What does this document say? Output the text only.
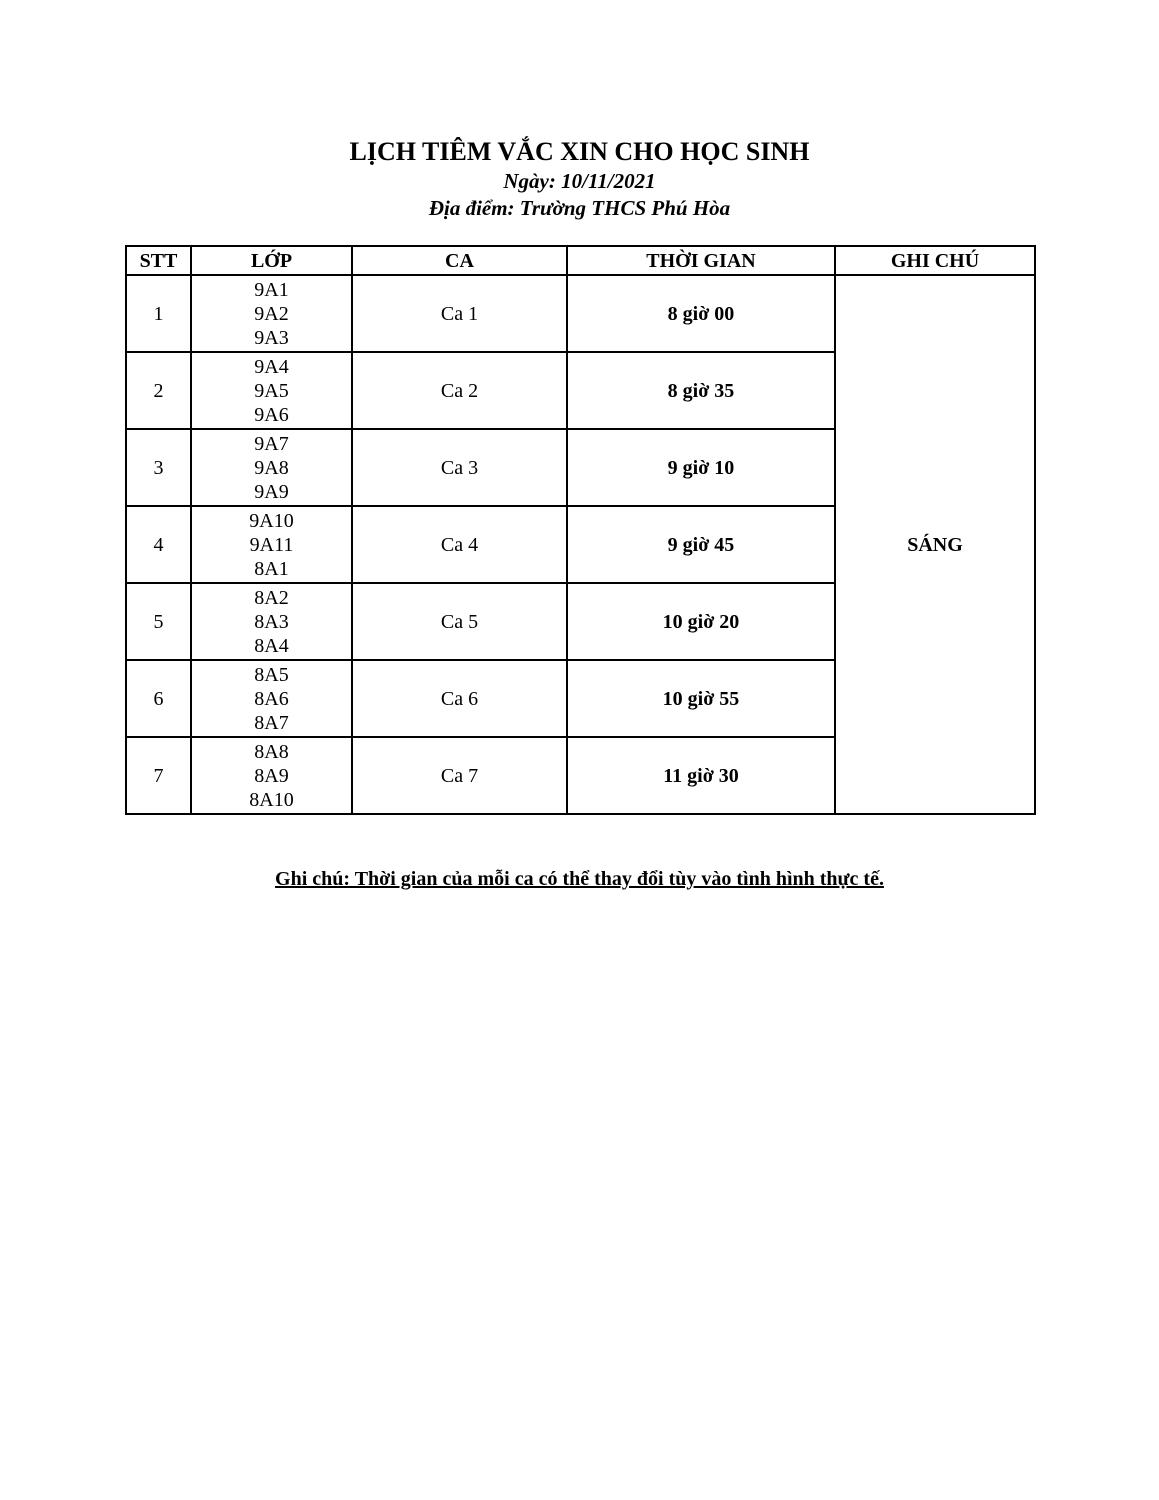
LỊCH TIÊM VẮC XIN CHO HỌC SINH
Ngày: 10/11/2021
Địa điểm: Trường THCS Phú Hòa
STT	LỚP	CA	THỜI GIAN	GHI CHÚ
1	9A1
9A2
9A3	Ca 1	8 giờ 00	SÁNG
2	9A4
9A5
9A6	Ca 2	8 giờ 35	
3	9A7
9A8
9A9	Ca 3	9 giờ 10	
4	9A10
9A11
8A1	Ca 4	9 giờ 45	
5	8A2
8A3
8A4	Ca 5	10 giờ 20	
6	8A5
8A6
8A7	Ca 6	10 giờ 55	
7	8A8
8A9
8A10	Ca 7	11 giờ 30	
Ghi chú: Thời gian của mỗi ca có thể thay đổi tùy vào tình hình thực tế.
